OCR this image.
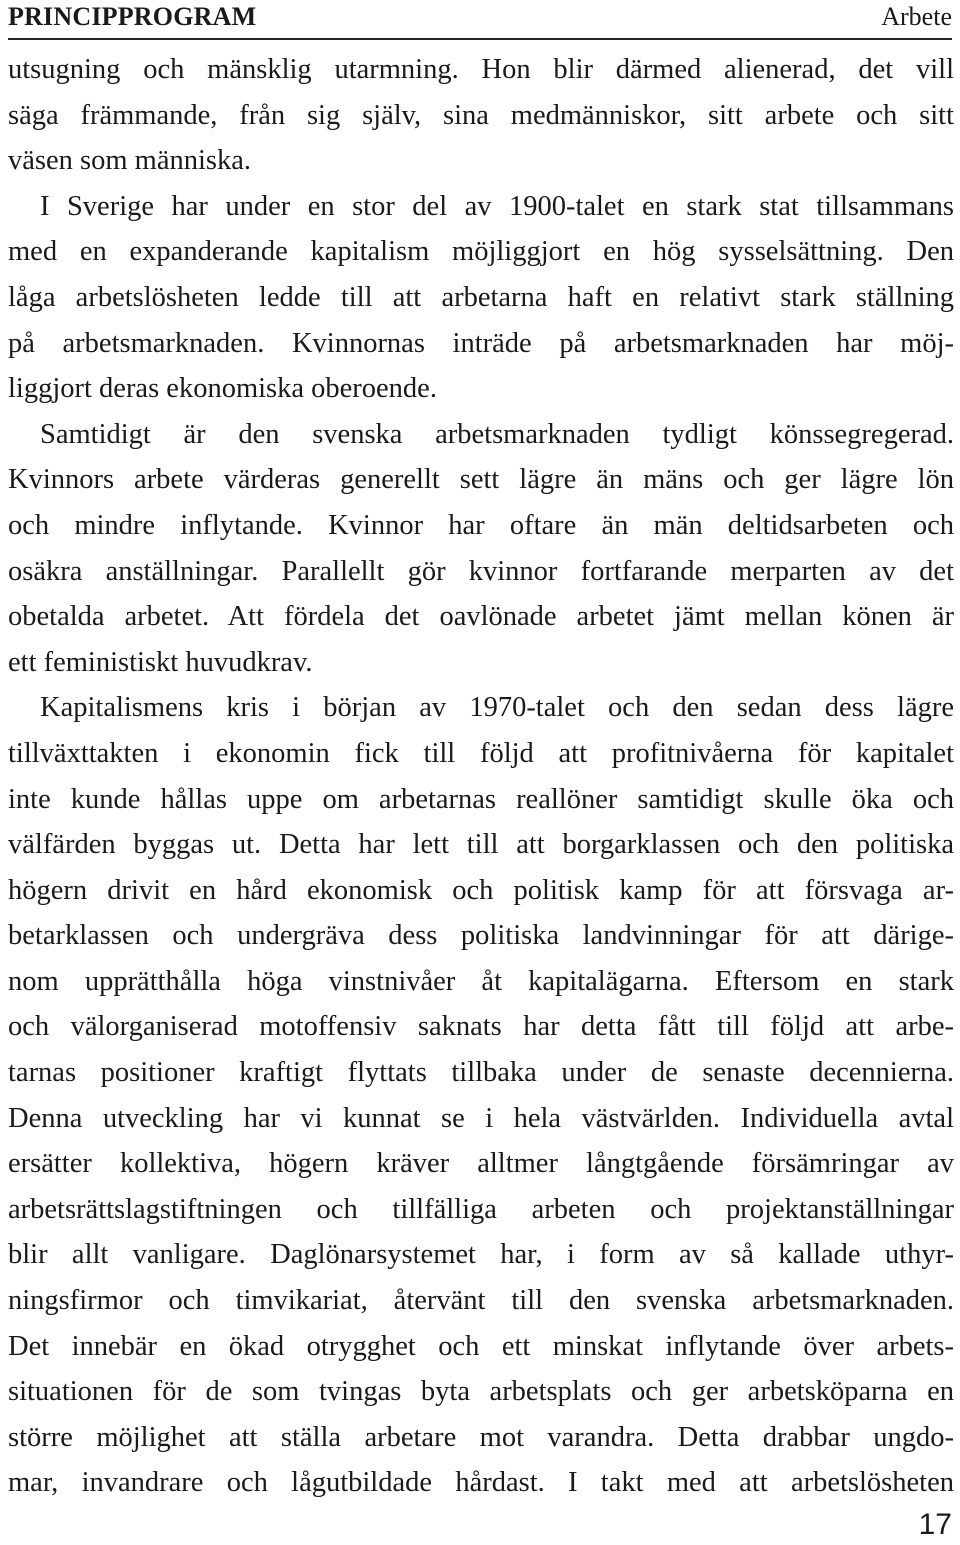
PRINCIPPROGRAM	Arbete
utsugning och mänsklig utarmning. Hon blir därmed alienerad, det vill
säga främmande, från sig själv, sina medmänniskor, sitt arbete och sitt
väsen som människa.
I Sverige har under en stor del av 1900-talet en stark stat tillsammans
med en expanderande kapitalism möjliggjort en hög sysselsättning. Den
låga arbetslösheten ledde till att arbetarna haft en relativt stark ställning
på arbetsmarknaden. Kvinnornas inträde på arbetsmarknaden har möj-
liggjort deras ekonomiska oberoende.
Samtidigt är den svenska arbetsmarknaden tydligt könssegregerad.
Kvinnors arbete värderas generellt sett lägre än mäns och ger lägre lön
och mindre inflytande. Kvinnor har oftare än män deltidsarbeten och
osäkra anställningar. Parallellt gör kvinnor fortfarande merparten av det
obetalda arbetet. Att fördela det oavlönade arbetet jämt mellan könen är
ett feministiskt huvudkrav.
Kapitalismens kris i början av 1970-talet och den sedan dess lägre
tillväxttakten i ekonomin fick till följd att profitnivåerna för kapitalet
inte kunde hållas uppe om arbetarnas reallöner samtidigt skulle öka och
välfärden byggas ut. Detta har lett till att borgarklassen och den politiska
högern drivit en hård ekonomisk och politisk kamp för att försvaga ar-
betarklassen och undergräva dess politiska landvinningar för att därige-
nom upprätthålla höga vinstnivåer åt kapitalägarna. Eftersom en stark
och välorganiserad motoffensiv saknats har detta fått till följd att arbe-
tarnas positioner kraftigt flyttats tillbaka under de senaste decennierna.
Denna utveckling har vi kunnat se i hela västvärlden. Individuella avtal
ersätter kollektiva, högern kräver alltmer långtgående försämringar av
arbetsrättslagstiftningen och tillfälliga arbeten och projektanställningar
blir allt vanligare. Daglönarsystemet har, i form av så kallade uthyr-
ningsfirmor och timvikariat, återvänt till den svenska arbetsmarknaden.
Det innebär en ökad otrygghet och ett minskat inflytande över arbets-
situationen för de som tvingas byta arbetsplats och ger arbetsköparna en
större möjlighet att ställa arbetare mot varandra. Detta drabbar ungdo-
mar, invandrare och lågutbildade hårdast. I takt med att arbetslösheten
17
